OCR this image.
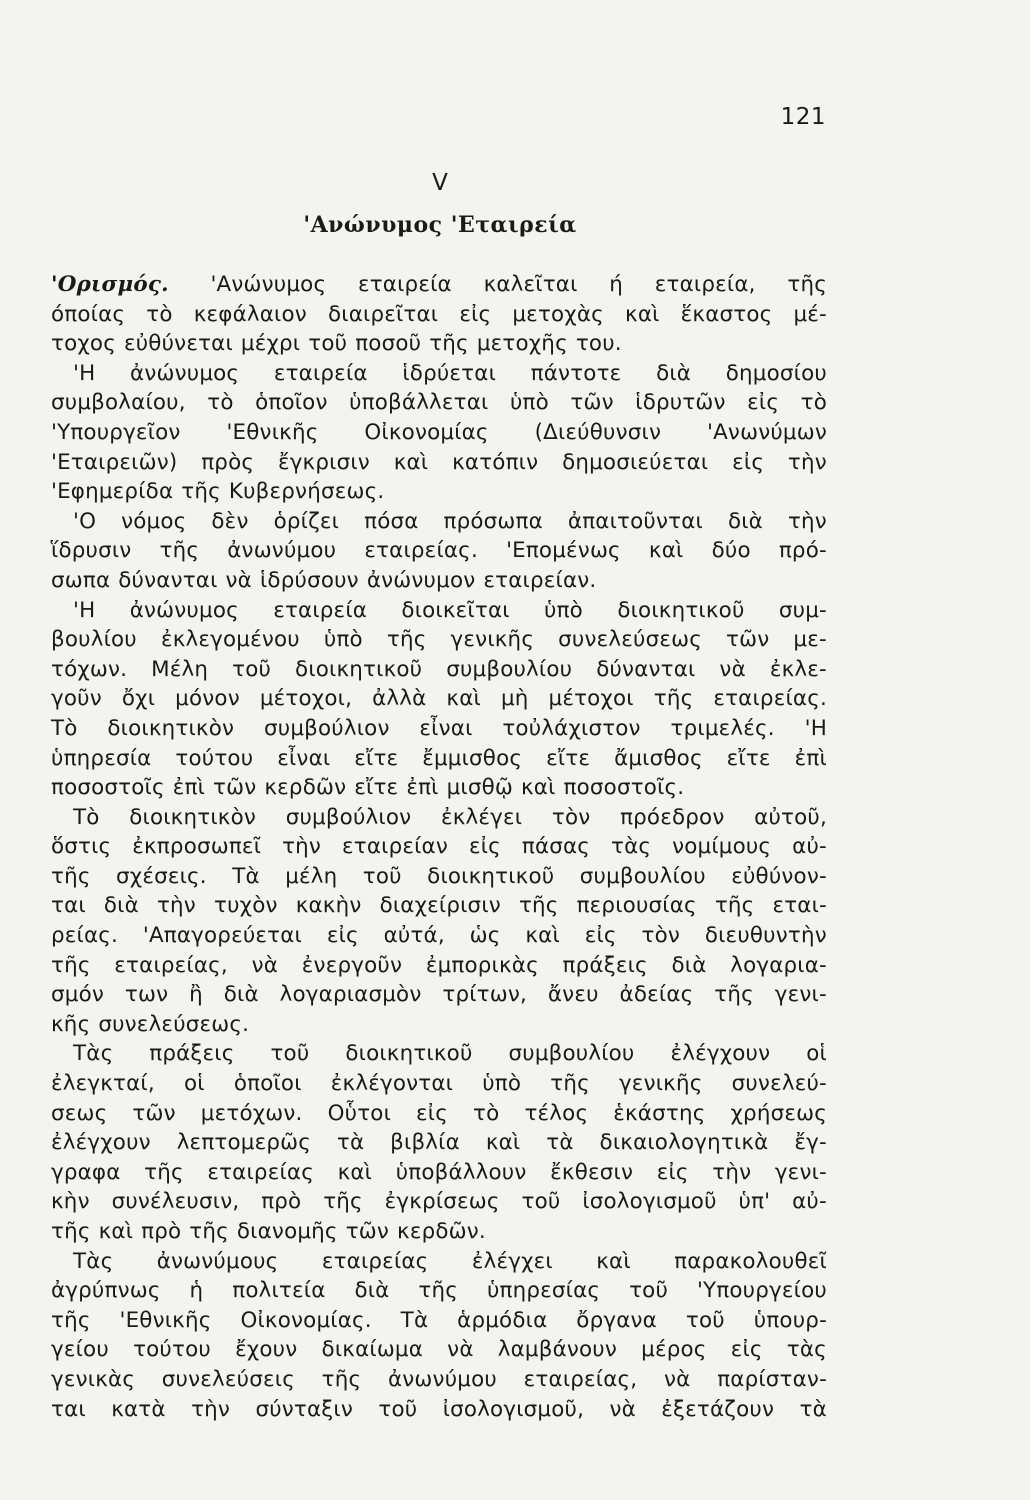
121
V
'Ανώνυμος 'Εταιρεία
'Ορισμός. 'Ανώνυμος εταιρεία καλεῖται ή εταιρεία, τῆς
όποίας τὸ κεφάλαιον διαιρεῖται εἰς μετοχὰς καὶ ἕκαστος μέ-
τοχος εὐθύνεται μέχρι τοῦ ποσοῦ τῆς μετοχῆς του.
'Η ἀνώνυμος εταιρεία ἱδρύεται πάντοτε διὰ δημοσίου
συμβολαίου, τὸ ὁποῖον ὑποβάλλεται ὑπὸ τῶν ἱδρυτῶν εἰς τὸ
'Υπουργεῖον 'Εθνικῆς Οἰκονομίας (Διεύθυνσιν 'Ανωνύμων
'Εταιρειῶν) πρὸς ἔγκρισιν καὶ κατόπιν δημοσιεύεται εἰς τὴν
'Εφημερίδα τῆς Κυβερνήσεως.
'Ο νόμος δὲν ὁρίζει πόσα πρόσωπα ἀπαιτοῦνται διὰ τὴν
ἵδρυσιν τῆς ἀνωνύμου εταιρείας. 'Επομένως καὶ δύο πρό-
σωπα δύνανται νὰ ἱδρύσουν ἀνώνυμον εταιρείαν.
'Η ἀνώνυμος εταιρεία διοικεῖται ὑπὸ διοικητικοῦ συμ-
βουλίου ἐκλεγομένου ὑπὸ τῆς γενικῆς συνελεύσεως τῶν με-
τόχων. Μέλη τοῦ διοικητικοῦ συμβουλίου δύνανται νὰ ἐκλε-
γοῦν ὄχι μόνον μέτοχοι, ἀλλὰ καὶ μὴ μέτοχοι τῆς εταιρείας.
Τὸ διοικητικὸν συμβούλιον εἶναι τοὐλάχιστον τριμελές. 'Η
ὑπηρεσία τούτου εἶναι εἴτε ἔμμισθος εἴτε ἄμισθος εἴτε ἐπὶ
ποσοστοῖς ἐπὶ τῶν κερδῶν εἴτε ἐπὶ μισθῷ καὶ ποσοστοῖς.
Τὸ διοικητικὸν συμβούλιον ἐκλέγει τὸν πρόεδρον αὐτοῦ,
ὅστις ἐκπροσωπεῖ τὴν εταιρείαν εἰς πάσας τὰς νομίμους αὐ-
τῆς σχέσεις. Τὰ μέλη τοῦ διοικητικοῦ συμβουλίου εὐθύνον-
ται διὰ τὴν τυχὸν κακὴν διαχείρισιν τῆς περιουσίας τῆς εται-
ρείας. 'Απαγορεύεται εἰς αὐτά, ὡς καὶ εἰς τὸν διευθυντὴν
τῆς εταιρείας, νὰ ἐνεργοῦν ἐμπορικὰς πράξεις διὰ λογαρια-
σμόν των ἢ διὰ λογαριασμὸν τρίτων, ἄνευ ἀδείας τῆς γενι-
κῆς συνελεύσεως.
Τὰς πράξεις τοῦ διοικητικοῦ συμβουλίου ἐλέγχουν οἱ
ἐλεγκταί, οἱ ὁποῖοι ἐκλέγονται ὑπὸ τῆς γενικῆς συνελεύ-
σεως τῶν μετόχων. Οὗτοι εἰς τὸ τέλος ἑκάστης χρήσεως
ἐλέγχουν λεπτομερῶς τὰ βιβλία καὶ τὰ δικαιολογητικὰ ἔγ-
γραφα τῆς εταιρείας καὶ ὑποβάλλουν ἔκθεσιν εἰς τὴν γενι-
κὴν συνέλευσιν, πρὸ τῆς ἐγκρίσεως τοῦ ἰσολογισμοῦ ὑπ' αὐ-
τῆς καὶ πρὸ τῆς διανομῆς τῶν κερδῶν.
Τὰς ἀνωνύμους εταιρείας ἐλέγχει καὶ παρακολουθεῖ
ἀγρύπνως ἡ πολιτεία διὰ τῆς ὑπηρεσίας τοῦ 'Υπουργείου
τῆς 'Εθνικῆς Οἰκονομίας. Τὰ ἁρμόδια ὄργανα τοῦ ὑπουρ-
γείου τούτου ἔχουν δικαίωμα νὰ λαμβάνουν μέρος εἰς τὰς
γενικὰς συνελεύσεις τῆς ἀνωνύμου εταιρείας, νὰ παρίσταν-
ται κατὰ τὴν σύνταξιν τοῦ ἰσολογισμοῦ, νὰ ἐξετάζουν τὰ
